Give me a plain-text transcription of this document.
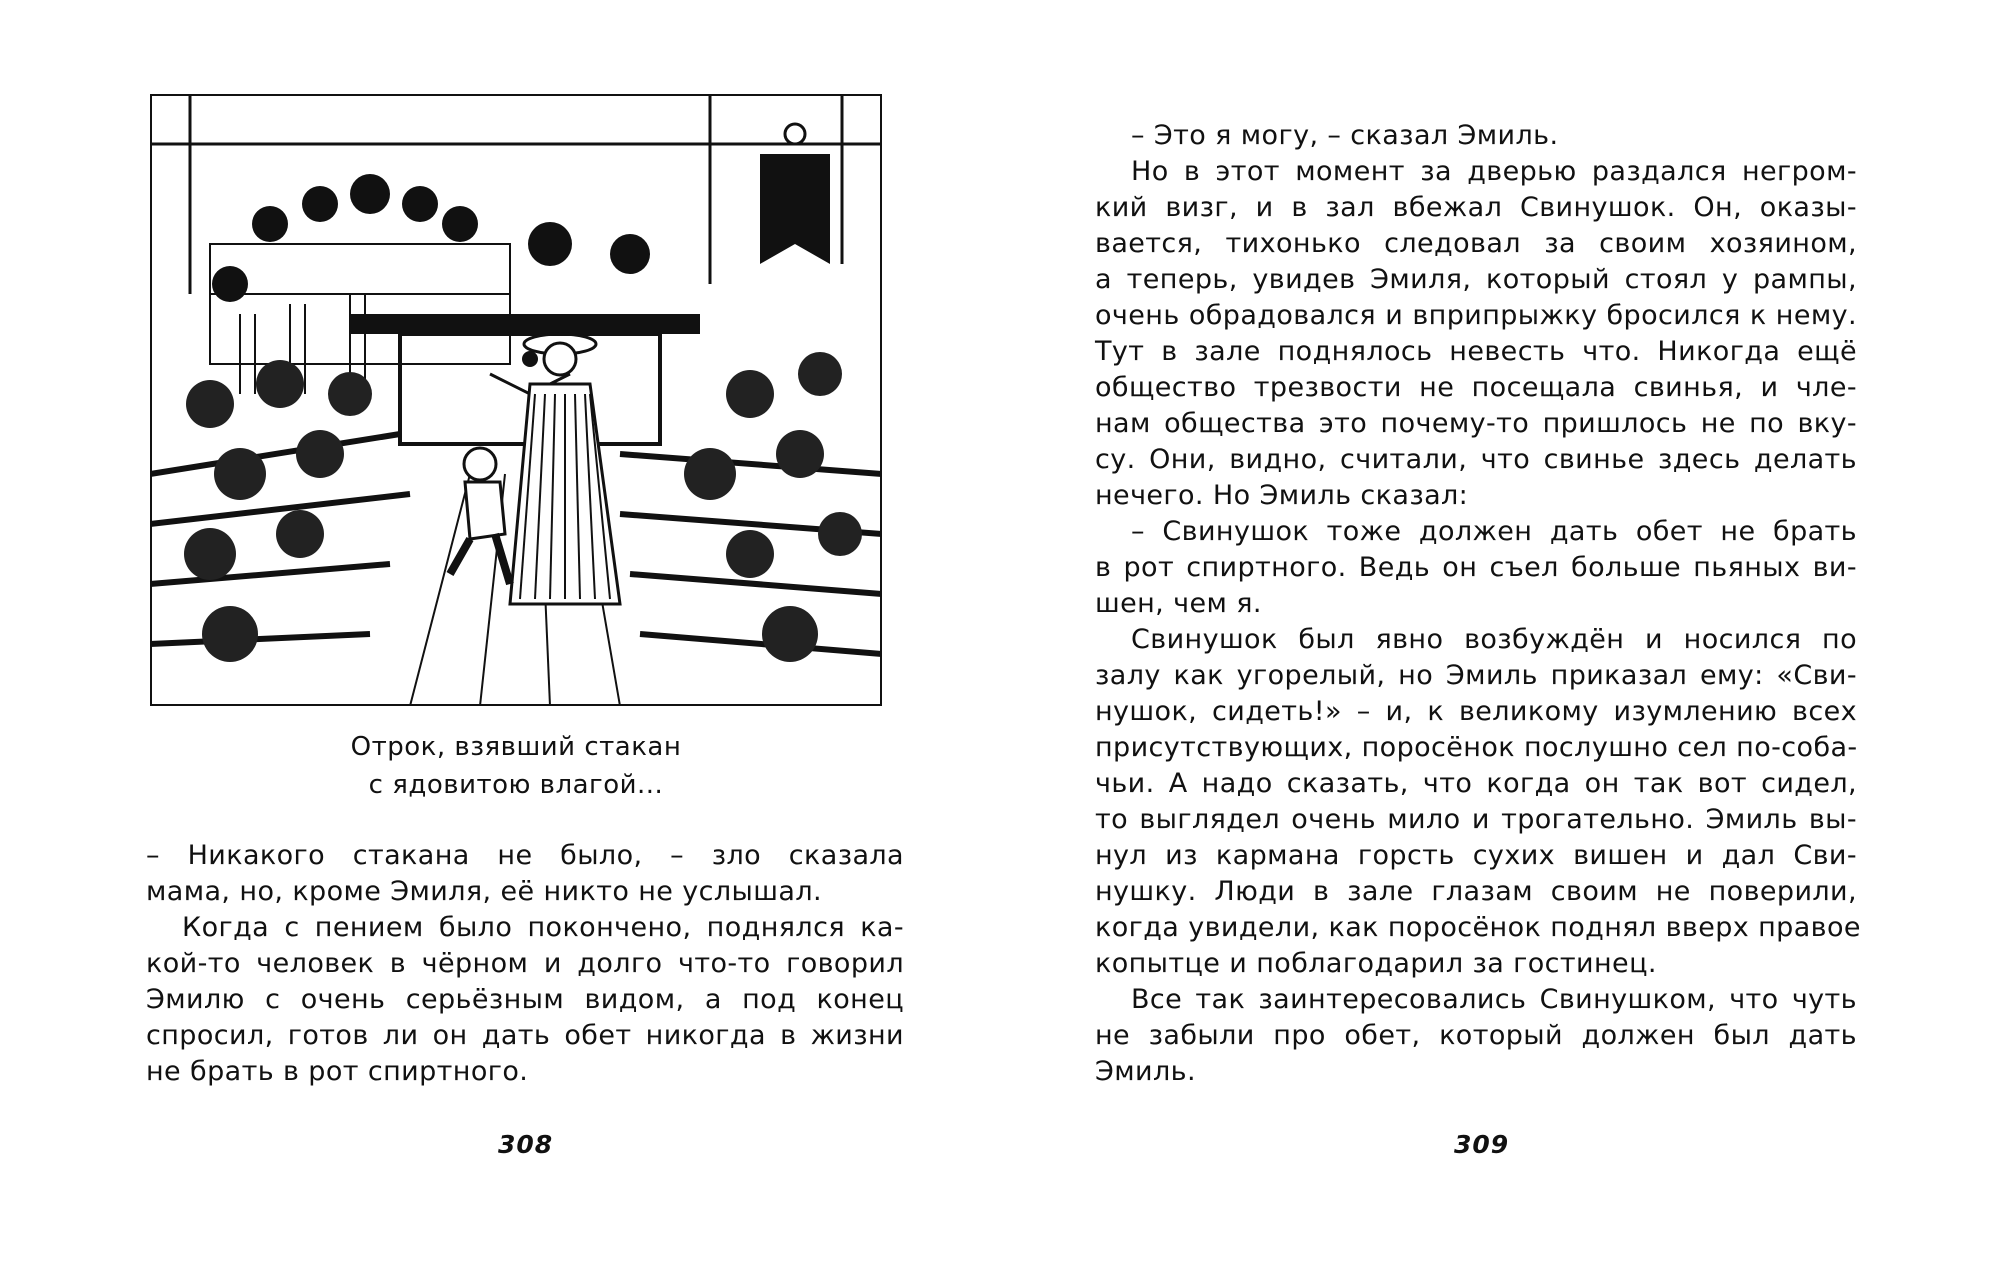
Отрок, взявший стакан
с ядовитою влагой...
– Никакого стакана не было, – зло сказала
мама, но, кроме Эмиля, её никто не услышал.
Когда с пением было покончено, поднялся ка-
кой-то человек в чёрном и долго что-то говорил
Эмилю с очень серьёзным видом, а под конец
спросил, готов ли он дать обет никогда в жизни
не брать в рот спиртного.
308
– Это я могу, – сказал Эмиль.
Но в этот момент за дверью раздался негром-
кий визг, и в зал вбежал Свинушок. Он, оказы-
вается, тихонько следовал за своим хозяином,
а теперь, увидев Эмиля, который стоял у рампы,
очень обрадовался и вприпрыжку бросился к нему.
Тут в зале поднялось невесть что. Никогда ещё
общество трезвости не посещала свинья, и чле-
нам общества это почему-то пришлось не по вку-
су. Они, видно, считали, что свинье здесь делать
нечего. Но Эмиль сказал:
– Свинушок тоже должен дать обет не брать
в рот спиртного. Ведь он съел больше пьяных ви-
шен, чем я.
Свинушок был явно возбуждён и носился по
залу как угорелый, но Эмиль приказал ему: «Сви-
нушок, сидеть!» – и, к великому изумлению всех
присутствующих, поросёнок послушно сел по-соба-
чьи. А надо сказать, что когда он так вот сидел,
то выглядел очень мило и трогательно. Эмиль вы-
нул из кармана горсть сухих вишен и дал Сви-
нушку. Люди в зале глазам своим не поверили,
когда увидели, как поросёнок поднял вверх правое
копытце и поблагодарил за гостинец.
Все так заинтересовались Свинушком, что чуть
не забыли про обет, который должен был дать
Эмиль.
309
